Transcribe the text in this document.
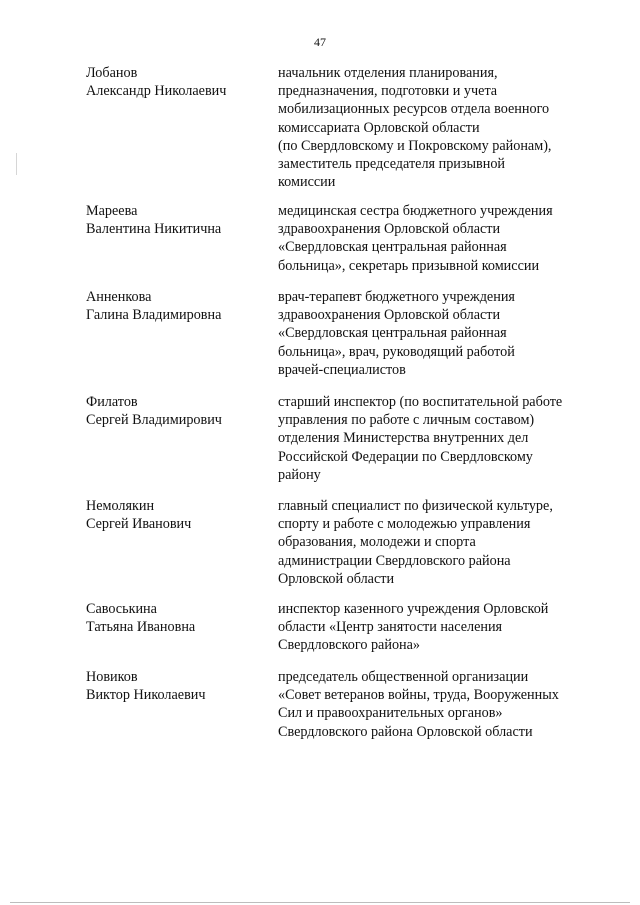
47
Лобанов
Александр Николаевич
начальник отделения планирования,
предназначения, подготовки и учета
мобилизационных ресурсов отдела военного
комиссариата Орловской области
(по Свердловскому и Покровскому районам),
заместитель председателя призывной
комиссии
Мареева
Валентина Никитична
медицинская сестра бюджетного учреждения
здравоохранения Орловской области
«Свердловская центральная районная
больница», секретарь призывной комиссии
Анненкова
Галина Владимировна
врач-терапевт бюджетного учреждения
здравоохранения Орловской области
«Свердловская центральная районная
больница», врач, руководящий работой
врачей-специалистов
Филатов
Сергей Владимирович
старший инспектор (по воспитательной работе
управления по работе с личным составом)
отделения Министерства внутренних дел
Российской Федерации по Свердловскому
району
Немолякин
Сергей Иванович
главный специалист по физической культуре,
спорту и работе с молодежью управления
образования, молодежи и спорта
администрации Свердловского района
Орловской области
Савоськина
Татьяна Ивановна
инспектор казенного учреждения Орловской
области «Центр занятости населения
Свердловского района»
Новиков
Виктор Николаевич
председатель общественной организации
«Совет ветеранов войны, труда, Вооруженных
Сил и правоохранительных органов»
Свердловского района Орловской области
